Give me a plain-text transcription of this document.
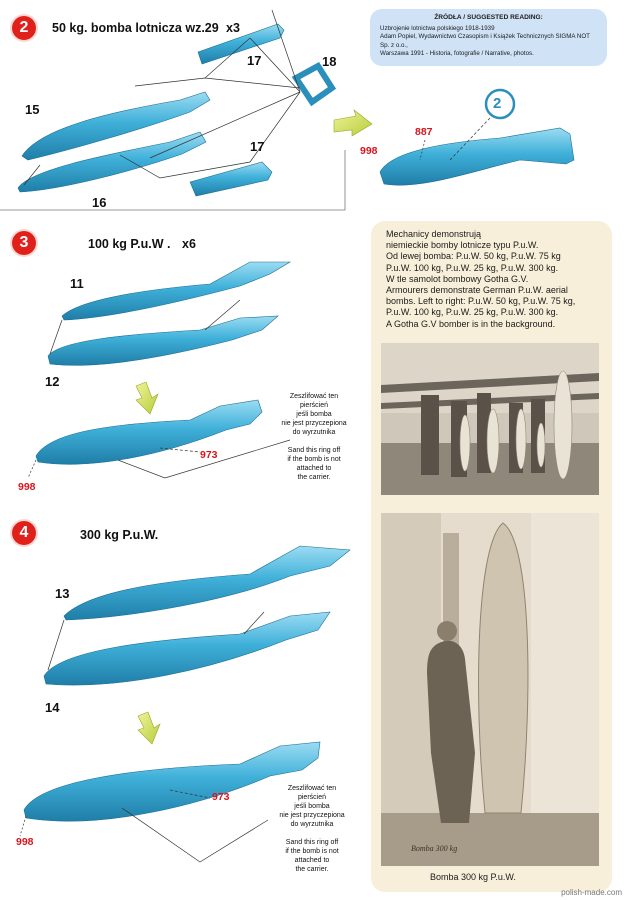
2	50 kg. bomba lotnicza wz.29 x3
15
16
17
17
18
2
887
998
ŹRÓDŁA / SUGGESTED READING:
Uzbrojenie lotnictwa polskiego 1918-1939
Adam Popiel, Wydawnictwo Czasopism i Książek Technicznych SIGMA NOT Sp. z o.o.,
Warszawa 1991 - Historia, fotografie / Narrative, photos.
3	100 kg P.u.W . x6
11
12
973
998
Zeszlifować ten
pierścień
jeśli bomba
nie jest przyczepiona
do wyrzutnika
Sand this ring off
if the bomb is not
attached to
the carrier.
4	300 kg P.u.W.
13
14
973
998
Zeszlifować ten
pierścień
jeśli bomba
nie jest przyczepiona
do wyrzutnika
Sand this ring off
if the bomb is not
attached to
the carrier.

Mechanicy demonstrują

niemieckie bomby lotnicze typu P.u.W.

Od lewej bomba: P.u.W. 50 kg, P.u.W. 75 kg

P.u.W. 100 kg, P.u.W. 25 kg, P.u.W. 300 kg.

W tle samolot bombowy Gotha G.V.

Armourers demonstrate German P.u.W. aerial

bombs. Left to right: P.u.W. 50 kg, P.u.W. 75 kg,

P.u.W. 100 kg, P.u.W. 25 kg, P.u.W. 300 kg.

A Gotha G.V bomber is in the background.

Bomba 300 kg
Bomba 300 kg P.u.W.
polish-made.com
